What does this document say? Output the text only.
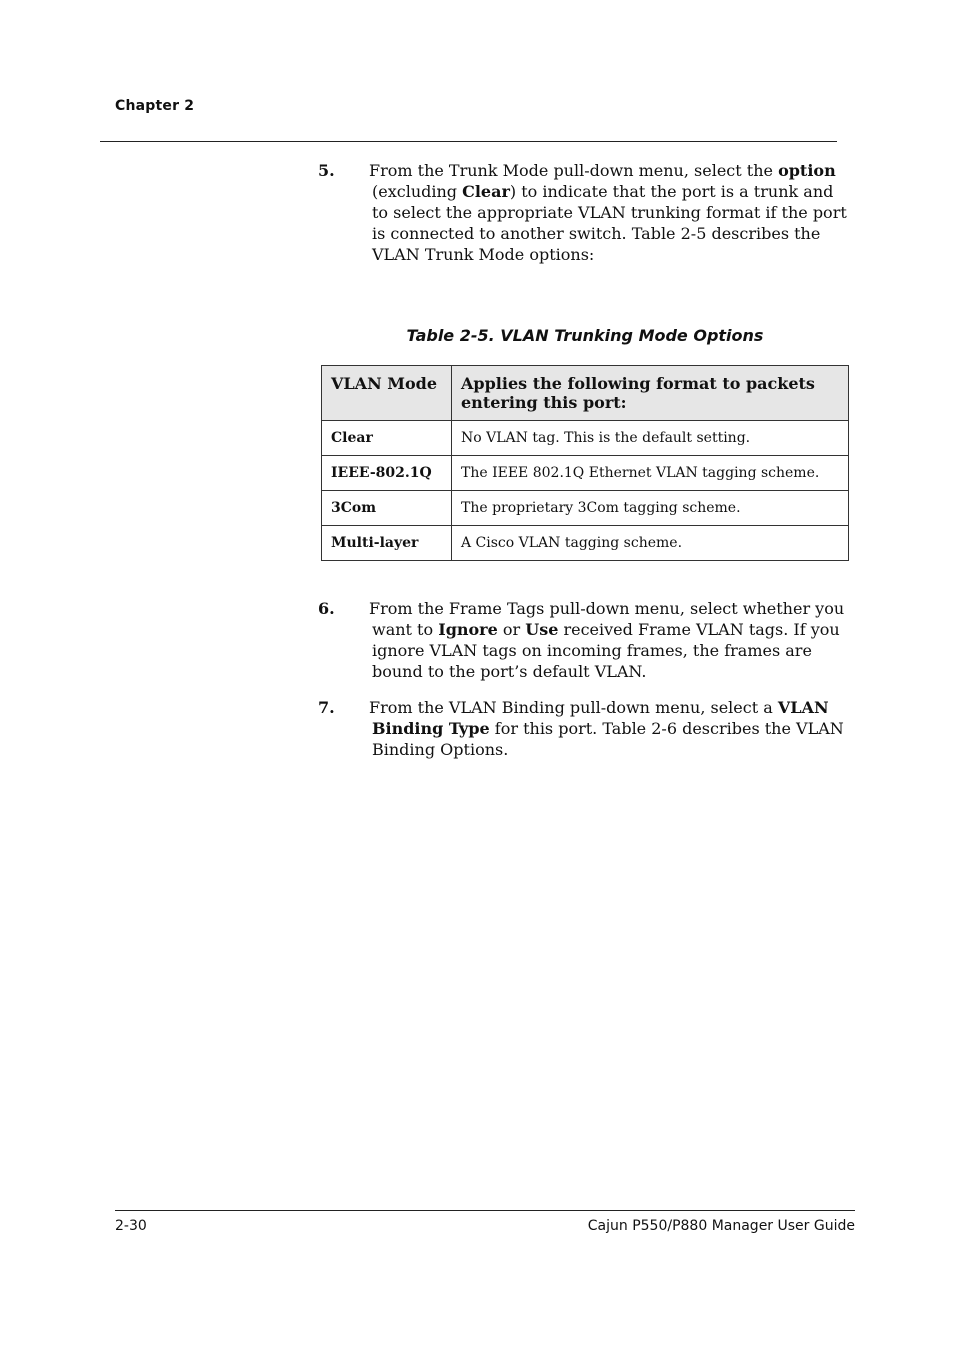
Chapter 2
5. From the Trunk Mode pull-down menu, select the option (excluding Clear) to indicate that the port is a trunk and to select the appropriate VLAN trunking format if the port is connected to another switch. Table 2-5 describes the VLAN Trunk Mode options:
Table 2-5. VLAN Trunking Mode Options
VLAN Mode	Applies the following format to packets entering this port:
Clear	No VLAN tag. This is the default setting.
IEEE-802.1Q	The IEEE 802.1Q Ethernet VLAN tagging scheme.
3Com	The proprietary 3Com tagging scheme.
Multi-layer	A Cisco VLAN tagging scheme.
6. From the Frame Tags pull-down menu, select whether you want to Ignore or Use received Frame VLAN tags. If you ignore VLAN tags on incoming frames, the frames are bound to the port’s default VLAN.
7. From the VLAN Binding pull-down menu, select a VLAN Binding Type for this port. Table 2-6 describes the VLAN Binding Options.
2-30	Cajun P550/P880 Manager User Guide
